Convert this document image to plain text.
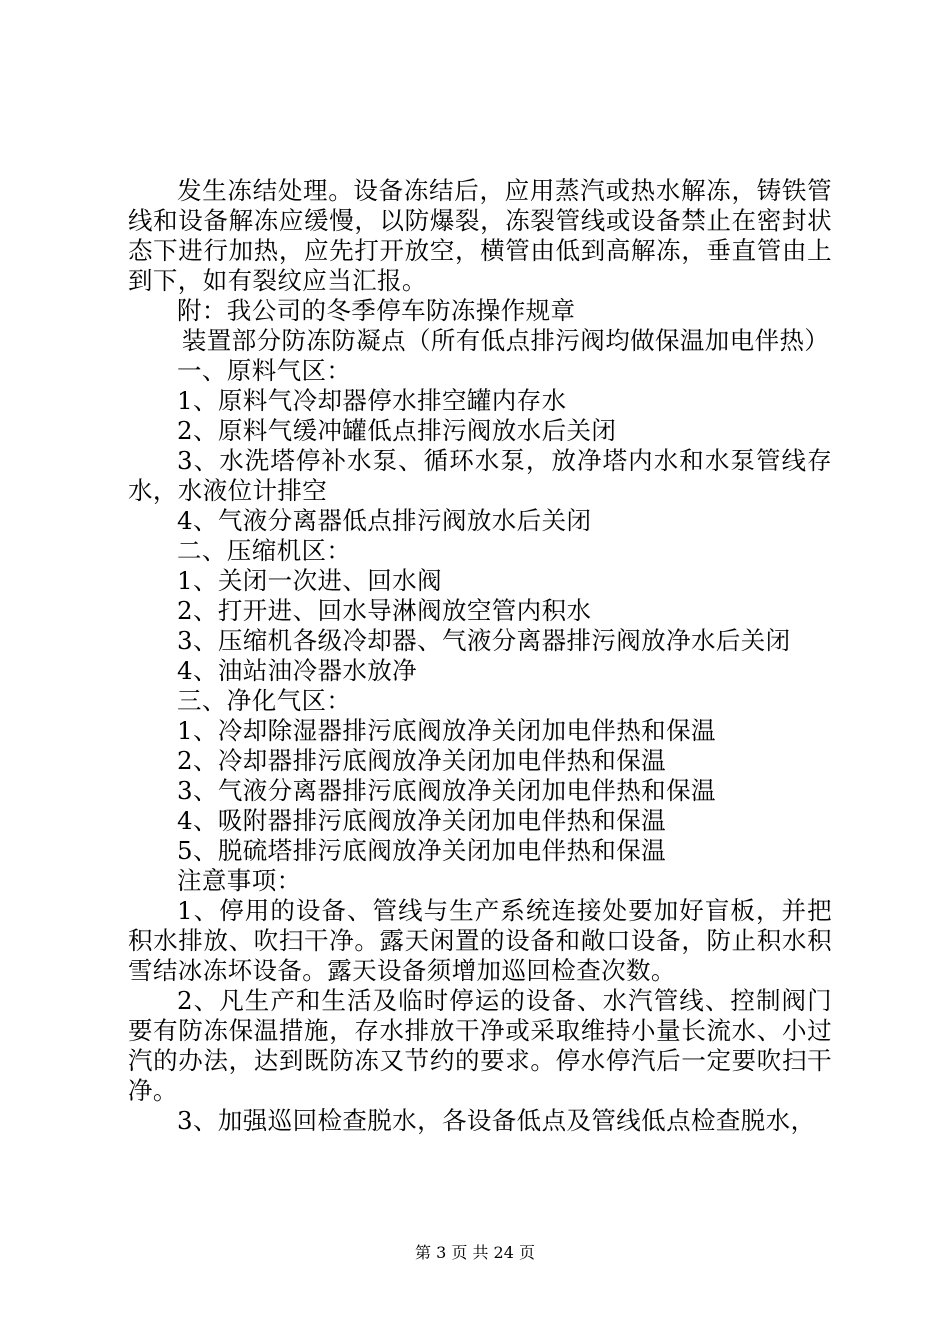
发生冻结处理。设备冻结后，应用蒸汽或热水解冻，铸铁管线和设备解冻应缓慢，以防爆裂，冻裂管线或设备禁止在密封状态下进行加热，应先打开放空，横管由低到高解冻，垂直管由上到下，如有裂纹应当汇报。

附：我公司的冬季停车防冻操作规章

装置部分防冻防凝点（所有低点排污阀均做保温加电伴热）

一、原料气区：

1、原料气冷却器停水排空罐内存水

2、原料气缓冲罐低点排污阀放水后关闭

3、水洗塔停补水泵、循环水泵，放净塔内水和水泵管线存水，水液位计排空

4、气液分离器低点排污阀放水后关闭

二、压缩机区：

1、关闭一次进、回水阀

2、打开进、回水导淋阀放空管内积水

3、压缩机各级冷却器、气液分离器排污阀放净水后关闭

4、油站油冷器水放净

三、净化气区：

1、冷却除湿器排污底阀放净关闭加电伴热和保温

2、冷却器排污底阀放净关闭加电伴热和保温

3、气液分离器排污底阀放净关闭加电伴热和保温

4、吸附器排污底阀放净关闭加电伴热和保温

5、脱硫塔排污底阀放净关闭加电伴热和保温

注意事项：

1、停用的设备、管线与生产系统连接处要加好盲板，并把积水排放、吹扫干净。露天闲置的设备和敞口设备，防止积水积雪结冰冻坏设备。露天设备须增加巡回检查次数。

2、凡生产和生活及临时停运的设备、水汽管线、控制阀门要有防冻保温措施，存水排放干净或采取维持小量长流水、小过汽的办法，达到既防冻又节约的要求。停水停汽后一定要吹扫干净。

3、加强巡回检查脱水，各设备低点及管线低点检查脱水，

第 3 页 共 24 页
